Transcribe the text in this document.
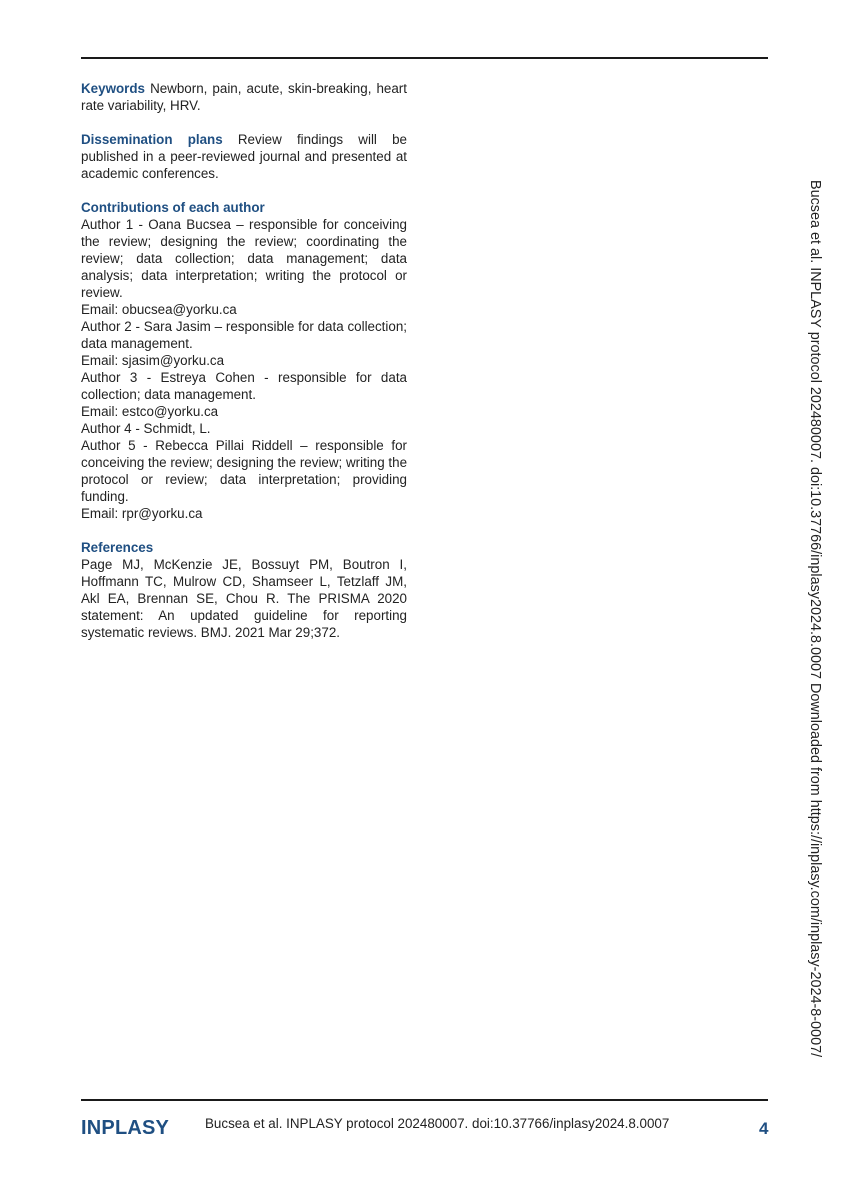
Keywords Newborn, pain, acute, skin-breaking, heart rate variability, HRV.

Dissemination plans Review findings will be published in a peer-reviewed journal and presented at academic conferences.

Contributions of each author
Author 1 - Oana Bucsea – responsible for conceiving the review; designing the review; coordinating the review; data collection; data management; data analysis; data interpretation; writing the protocol or review.
Email: obucsea@yorku.ca
Author 2 - Sara Jasim – responsible for data collection; data management.
Email: sjasim@yorku.ca
Author 3 - Estreya Cohen - responsible for data collection; data management.
Email: estco@yorku.ca
Author 4 - Schmidt, L.
Author 5 - Rebecca Pillai Riddell – responsible for conceiving the review; designing the review; writing the protocol or review; data interpretation; providing funding.
Email: rpr@yorku.ca
References
Page MJ, McKenzie JE, Bossuyt PM, Boutron I, Hoffmann TC, Mulrow CD, Shamseer L, Tetzlaff JM, Akl EA, Brennan SE, Chou R. The PRISMA 2020 statement: An updated guideline for reporting systematic reviews. BMJ. 2021 Mar 29;372.	Bucsea et al. INPLASY protocol 202480007. doi:10.37766/inplasy2024.8.0007 Downloaded from https://inplasy.com/inplasy-2024-8-0007/
INPLASY	Bucsea et al. INPLASY protocol 202480007. doi:10.37766/inplasy2024.8.0007	4
